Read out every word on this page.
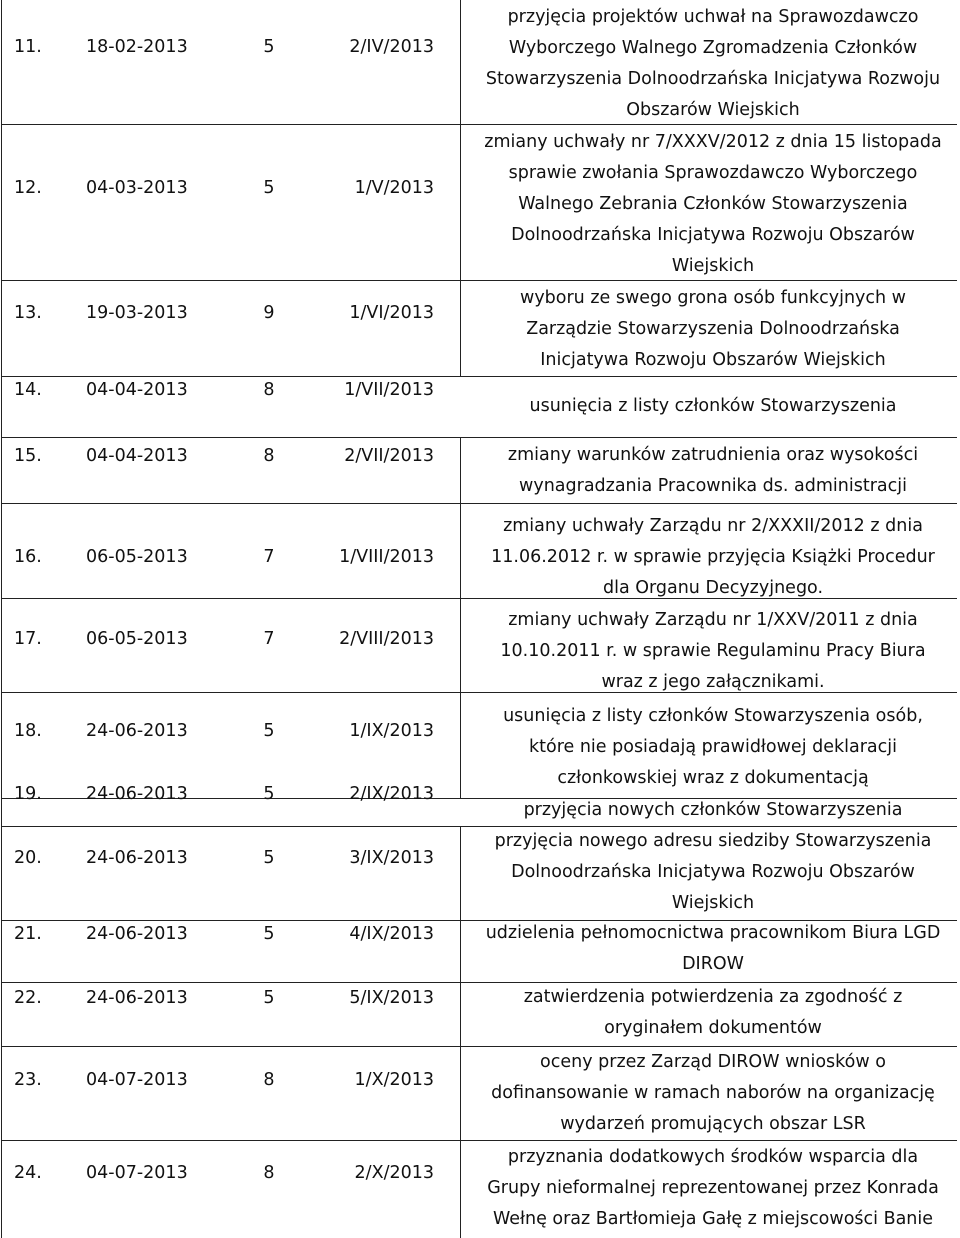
11.	18-02-2013	5	2/IV/2013
przyjęcia projektów uchwał na Sprawozdawczo
Wyborczego Walnego Zgromadzenia Członków
Stowarzyszenia Dolnoodrzańska Inicjatywa Rozwoju
Obszarów Wiejskich
12.	04-03-2013	5	1/V/2013
zmiany uchwały nr 7/XXXV/2012 z dnia 15 listopada
sprawie zwołania Sprawozdawczo Wyborczego
Walnego Zebrania Członków Stowarzyszenia
Dolnoodrzańska Inicjatywa Rozwoju Obszarów
Wiejskich
13.	19-03-2013	9	1/VI/2013
wyboru ze swego grona osób funkcyjnych w
Zarządzie Stowarzyszenia Dolnoodrzańska
Inicjatywa Rozwoju Obszarów Wiejskich
14.	04-04-2013	8	1/VII/2013
usunięcia z listy członków Stowarzyszenia
15.	04-04-2013	8	2/VII/2013	zmiany warunków zatrudnienia oraz wysokości
wynagradzania Pracownika ds. administracji
16.	06-05-2013	7	1/VIII/2013
zmiany uchwały Zarządu nr 2/XXXII/2012 z dnia
11.06.2012 r. w sprawie przyjęcia Książki Procedur
dla Organu Decyzyjnego.
17.	06-05-2013	7	2/VIII/2013
zmiany uchwały Zarządu nr 1/XXV/2011 z dnia
10.10.2011 r. w sprawie Regulaminu Pracy Biura
wraz z jego załącznikami.
18.	24-06-2013	5	1/IX/2013
usunięcia z listy członków Stowarzyszenia osób,
które nie posiadają prawidłowej deklaracji
członkowskiej wraz z dokumentacją
19.	24-06-2013	5	2/IX/2013
przyjęcia nowych członków Stowarzyszenia
20.	24-06-2013	5	3/IX/2013
przyjęcia nowego adresu siedziby Stowarzyszenia
Dolnoodrzańska Inicjatywa Rozwoju Obszarów
Wiejskich
21.	24-06-2013	5	4/IX/2013	udzielenia pełnomocnictwa pracownikom Biura LGD
DIROW
22.	24-06-2013	5	5/IX/2013	zatwierdzenia potwierdzenia za zgodność z
oryginałem dokumentów
23.	04-07-2013	8	1/X/2013
oceny przez Zarząd DIROW wniosków o
dofinansowanie w ramach naborów na organizację
wydarzeń promujących obszar LSR
24.	04-07-2013	8	2/X/2013
przyznania dodatkowych środków wsparcia dla
Grupy nieformalnej reprezentowanej przez Konrada
Wełnę oraz Bartłomieja Gałę z miejscowości Banie
